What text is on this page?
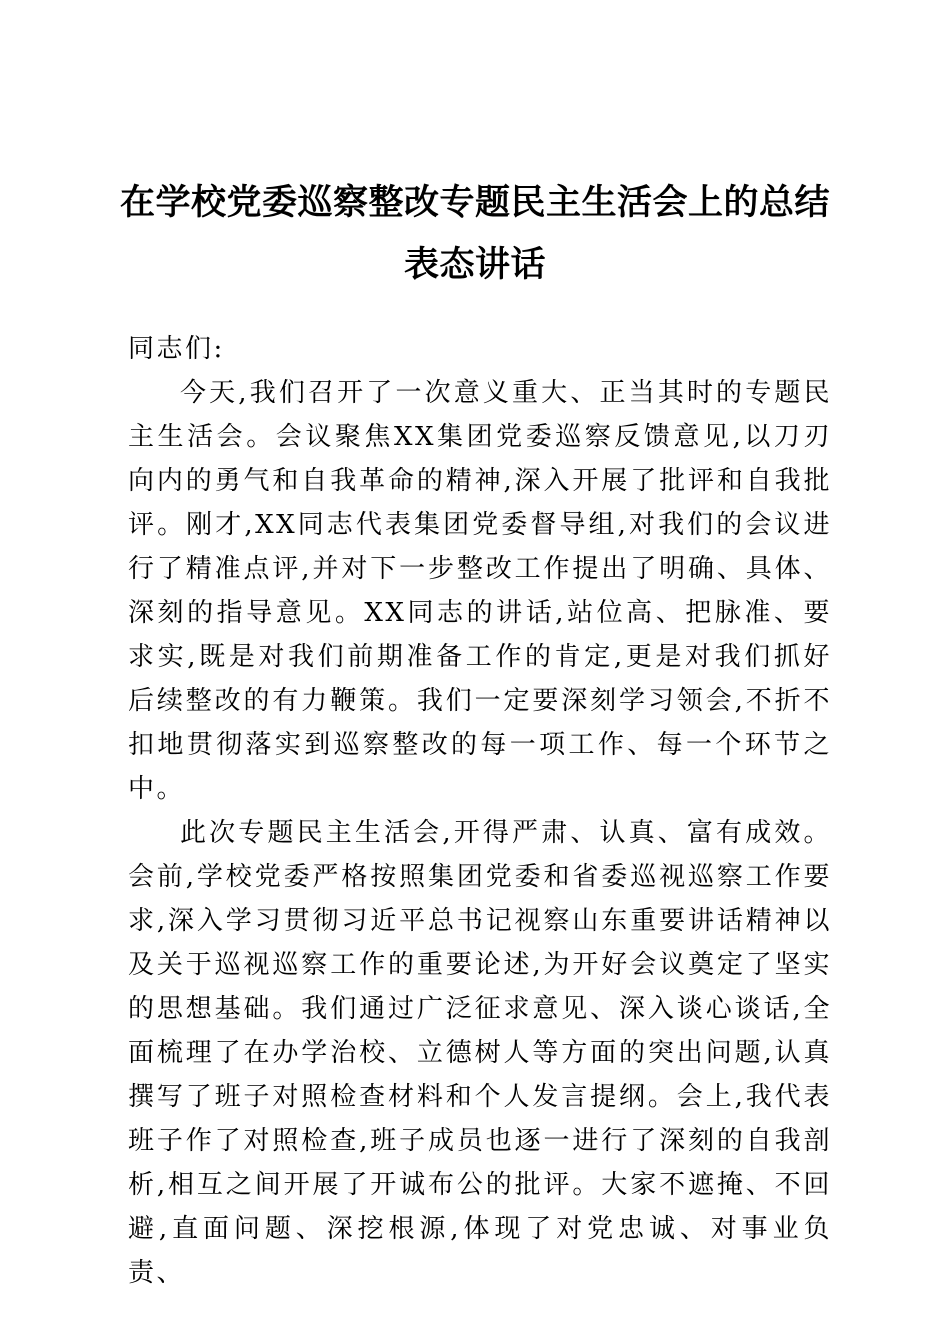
在学校党委巡察整改专题民主生活会上的总结
表态讲话

同志们:

今天,我们召开了一次意义重大、正当其时的专题民主生活会。会议聚焦XX集团党委巡察反馈意见,以刀刃向内的勇气和自我革命的精神,深入开展了批评和自我批评。刚才,XX同志代表集团党委督导组,对我们的会议进行了精准点评,并对下一步整改工作提出了明确、具体、深刻的指导意见。XX同志的讲话,站位高、把脉准、要求实,既是对我们前期准备工作的肯定,更是对我们抓好后续整改的有力鞭策。我们一定要深刻学习领会,不折不扣地贯彻落实到巡察整改的每一项工作、每一个环节之中。

此次专题民主生活会,开得严肃、认真、富有成效。会前,学校党委严格按照集团党委和省委巡视巡察工作要求,深入学习贯彻习近平总书记视察山东重要讲话精神以及关于巡视巡察工作的重要论述,为开好会议奠定了坚实的思想基础。我们通过广泛征求意见、深入谈心谈话,全面梳理了在办学治校、立德树人等方面的突出问题,认真撰写了班子对照检查材料和个人发言提纲。会上,我代表班子作了对照检查,班子成员也逐一进行了深刻的自我剖析,相互之间开展了开诚布公的批评。大家不遮掩、不回避,直面问题、深挖根源,体现了对党忠诚、对事业负责、
